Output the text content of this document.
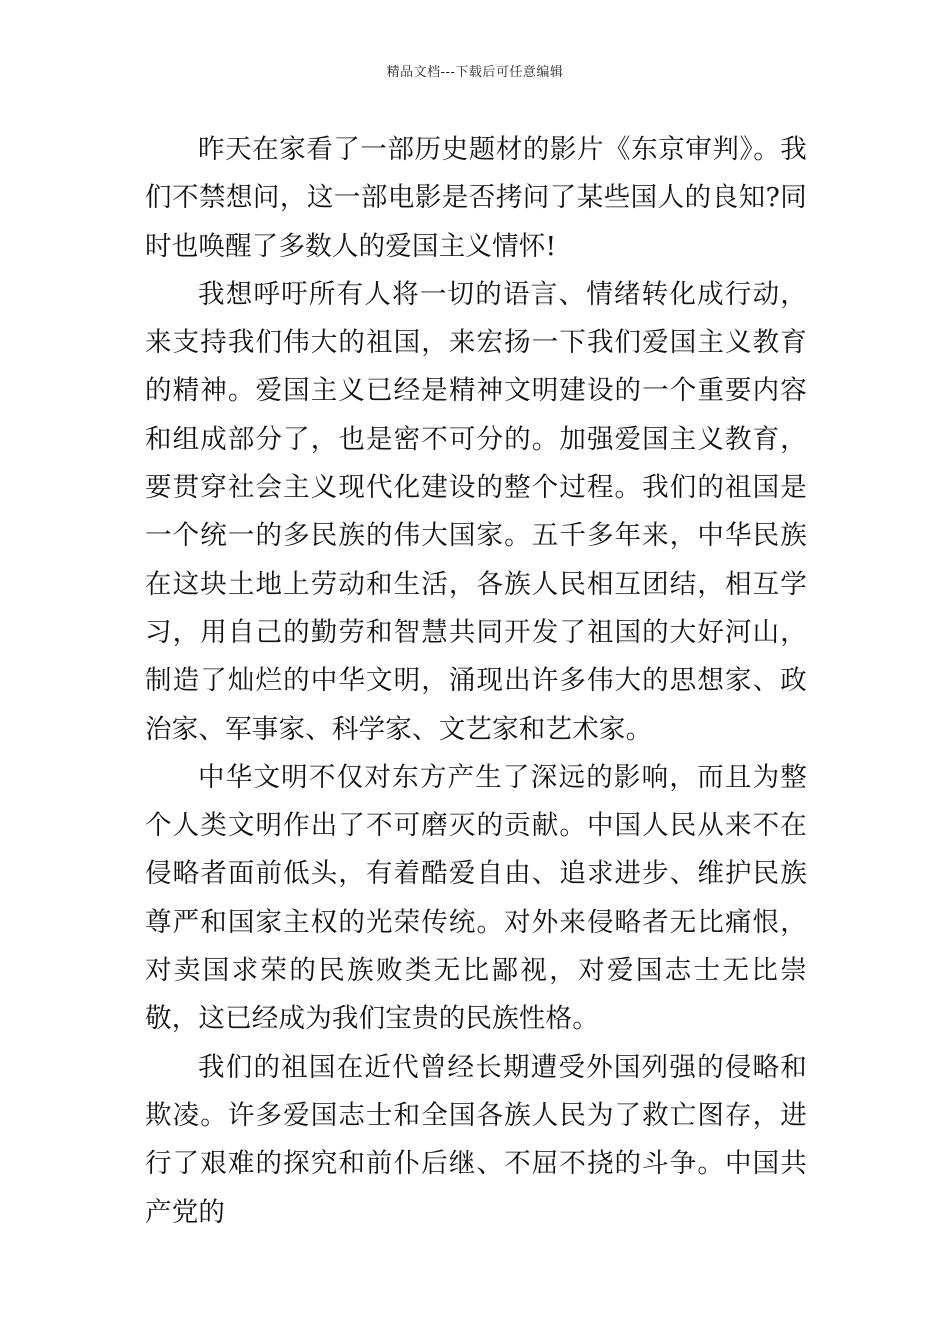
精品文档---下载后可任意编辑

昨天在家看了一部历史题材的影片《东京审判》。我们不禁想问，这一部电影是否拷问了某些国人的良知?同时也唤醒了多数人的爱国主义情怀!

我想呼吁所有人将一切的语言、情绪转化成行动，来支持我们伟大的祖国，来宏扬一下我们爱国主义教育的精神。爱国主义已经是精神文明建设的一个重要内容和组成部分了，也是密不可分的。加强爱国主义教育，要贯穿社会主义现代化建设的整个过程。我们的祖国是一个统一的多民族的伟大国家。五千多年来，中华民族在这块土地上劳动和生活，各族人民相互团结，相互学习，用自己的勤劳和智慧共同开发了祖国的大好河山，制造了灿烂的中华文明，涌现出许多伟大的思想家、政治家、军事家、科学家、文艺家和艺术家。

中华文明不仅对东方产生了深远的影响，而且为整个人类文明作出了不可磨灭的贡献。中国人民从来不在侵略者面前低头，有着酷爱自由、追求进步、维护民族尊严和国家主权的光荣传统。对外来侵略者无比痛恨，对卖国求荣的民族败类无比鄙视，对爱国志士无比崇敬，这已经成为我们宝贵的民族性格。

我们的祖国在近代曾经长期遭受外国列强的侵略和欺凌。许多爱国志士和全国各族人民为了救亡图存，进行了艰难的探究和前仆后继、不屈不挠的斗争。中国共产党的
